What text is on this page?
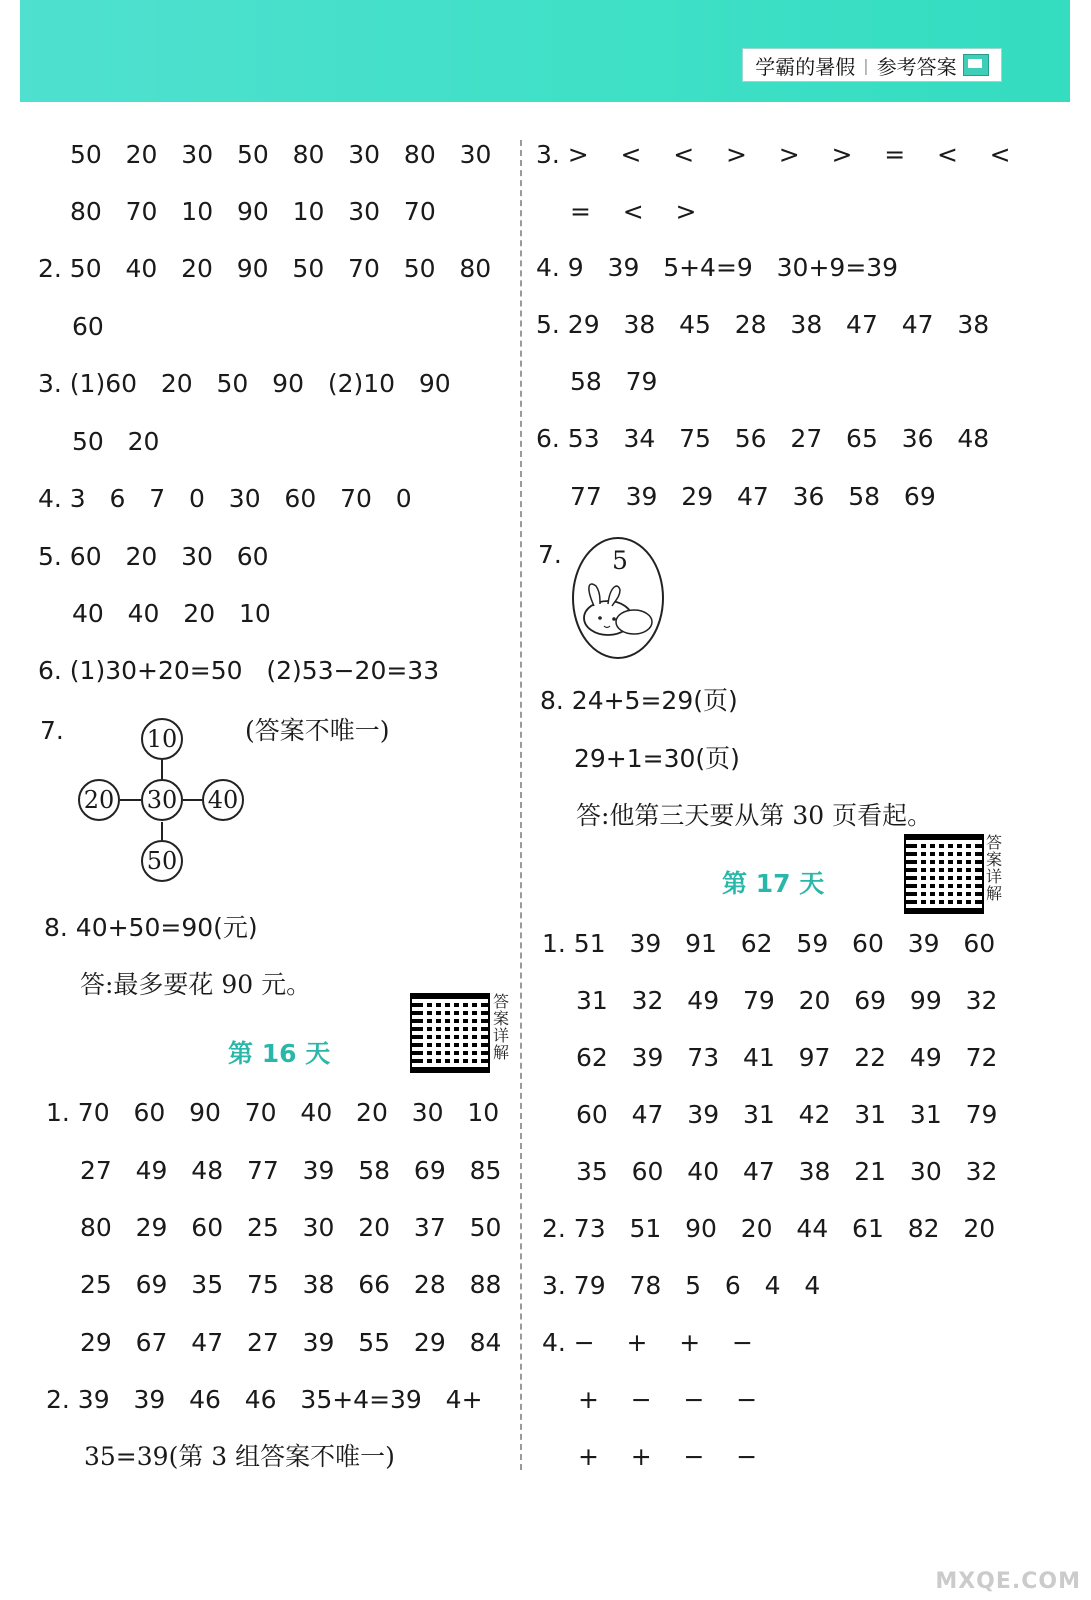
学霸的暑假 | 参考答案
50   20   30   50   80   30   80   30
80   70   10   90   10   30   70
2. 50   40   20   90   50   70   50   80
60
3. (1)60   20   50   90   (2)10   90
50   20
4. 3   6   7   0   30   60   70   0
5. 60   20   30   60
40   40   20   10
6. (1)30+20=50   (2)53−20=33
7.	(答案不唯一)
10
20 30 40
50
8. 40+50=90(元)
答:最多要花 90 元。
第 16 天
答案详解
1. 70   60   90   70   40   20   30   10
27   49   48   77   39   58   69   85
80   29   60   25   30   20   37   50
25   69   35   75   38   66   28   88
29   67   47   27   39   55   29   84
2. 39   39   46   46   35+4=39   4+
35=39(第 3 组答案不唯一)
3. >    <    <    >    >    >    =    <    <
=    <    >
4. 9   39   5+4=9   30+9=39
5. 29   38   45   28   38   47   47   38
58   79
6. 53   34   75   56   27   65   36   48
77   39   29   47   36   58   69
7. 5
8. 24+5=29(页)
29+1=30(页)
答:他第三天要从第 30 页看起。
答案详解
第 17 天
1. 51   39   91   62   59   60   39   60
31   32   49   79   20   69   99   32
62   39   73   41   97   22   49   72
60   47   39   31   42   31   31   79
35   60   40   47   38   21   30   32
2. 73   51   90   20   44   61   82   20
3. 79   78   5   6   4   4
4. −    +    +    −
+    −    −    −
+    +    −    −
MXQE.COM
